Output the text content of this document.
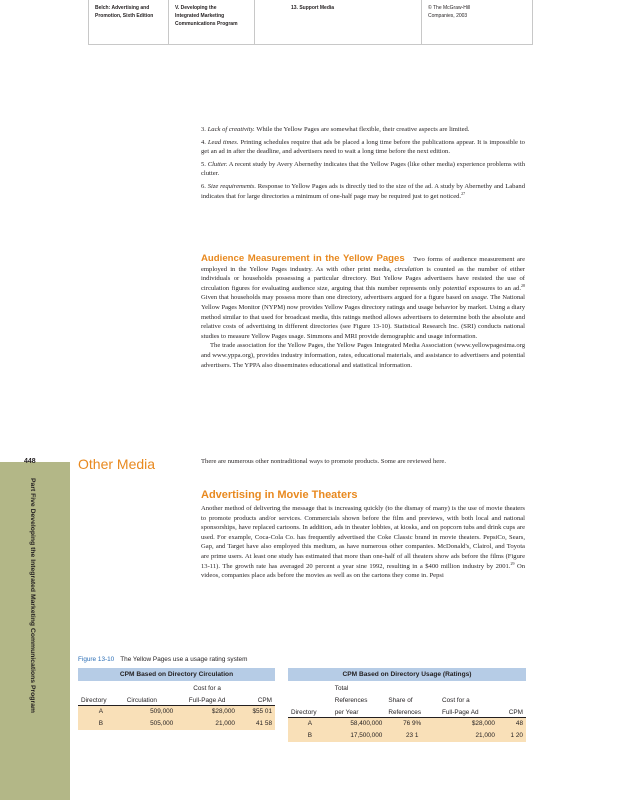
Belch: Advertising and
Promotion, Sixth Edition
V. Developing the
Integrated Marketing
Communications Program
13. Support Media	© The McGraw-Hill
Companies, 2003
448
Part Five Developing the Integrated Marketing Communications Program

3. Lack of creativity. While the Yellow Pages are somewhat flexible, their creative aspects are limited.

4. Lead times. Printing schedules require that ads be placed a long time before the publications appear. It is impossible to get an ad in after the deadline, and advertisers need to wait a long time before the next edition.

5. Clutter. A recent study by Avery Abernethy indicates that the Yellow Pages (like other media) experience problems with clutter.

6. Size requirements. Response to Yellow Pages ads is directly tied to the size of the ad. A study by Abernethy and Laband indicates that for large directories a minimum of one-half page may be required just to get noticed.$^{27}$

Audience Measurement in the Yellow Pages Two forms of audience measurement are employed in the Yellow Pages industry. As with other print media, circulation is counted as the number of either individuals or households possessing a particular directory. But Yellow Pages advertisers have resisted the use of circulation figures for evaluating audience size, arguing that this number represents only potential exposures to an ad.$^{28}$ Given that households may possess more than one directory, advertisers argued for a figure based on usage. The National Yellow Pages Monitor (NYPM) now provides Yellow Pages directory ratings and usage behavior by market. Using a diary method similar to that used for broadcast media, this ratings method allows advertisers to determine both the absolute and relative costs of advertising in different directories (see Figure 13-10). Statistical Research Inc. (SRI) conducts national studies to measure Yellow Pages usage. Simmons and MRI provide demographic and usage information.

The trade association for the Yellow Pages, the Yellow Pages Integrated Media Association (www.yellowpagesima.org and www.yppa.org), provides industry information, rates, educational materials, and assistance to advertisers and potential advertisers. The YPPA also disseminates educational and statistical information.

Other Media	There are numerous other nontraditional ways to promote products. Some are reviewed here.
Advertising in Movie Theaters

Another method of delivering the message that is increasing quickly (to the dismay of many) is the use of movie theaters to promote products and/or services. Commercials shown before the film and previews, with both local and national sponsorships, have replaced cartoons. In addition, ads in theater lobbies, at kiosks, and on popcorn tubs and drink cups are used. For example, Coca-Cola Co. has frequently advertised the Coke Classic brand in movie theaters. PepsiCo, Sears, Gap, and Target have also employed this medium, as have numerous other companies. McDonald's, Clairol, and Toyota are prime users. At least one study has estimated that more than one-half of all theaters show ads before the films (Figure 13-11). The growth rate has averaged 20 percent a year sine 1992, resulting in a $400 million industry by 2001.29 On videos, companies place ads before the movies as well as on the cartons they come in. Pepsi

Figure 13-10 The Yellow Pages use a usage rating system
CPM Based on Directory Circulation			
		Cost for a	
Directory	Circulation	Full-Page Ad	CPM

A	509,000	$28,000	$55 01
B	505,000	21,000	41 58
CPM Based on Directory Usage (Ratings)				
	Total			
	References	Share of	Cost for a	
Directory	per Year	References	Full-Page Ad	CPM

A	58,400,000	76 9%	$28,000	48
B	17,500,000	23 1	21,000	1 20
